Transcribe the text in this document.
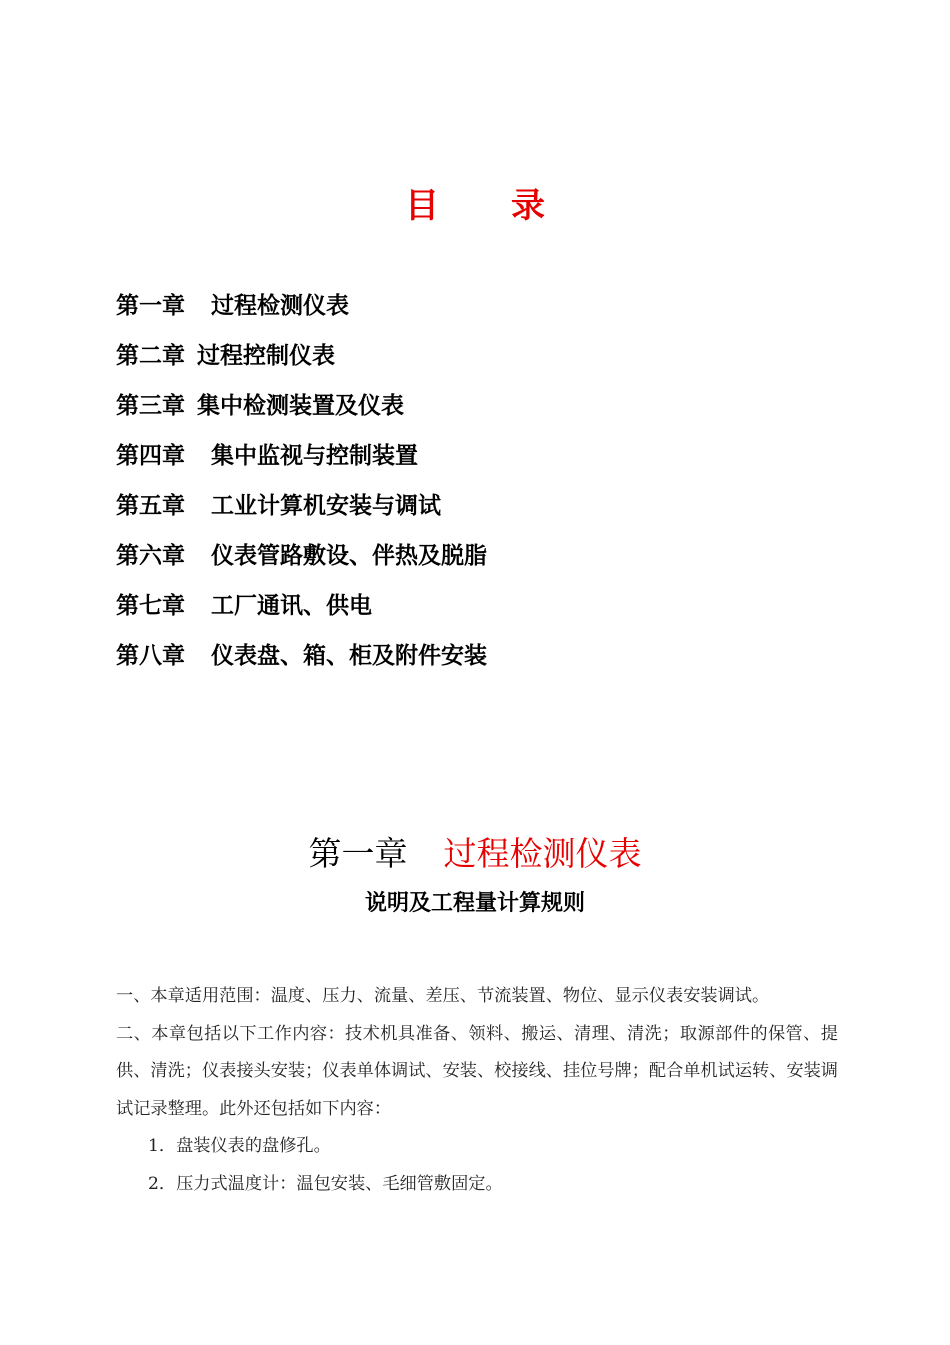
目录
第一章 过程检测仪表
第二章 过程控制仪表
第三章 集中检测装置及仪表
第四章 集中监视与控制装置
第五章 工业计算机安装与调试
第六章 仪表管路敷设、伴热及脱脂
第七章 工厂通讯、供电
第八章 仪表盘、箱、柜及附件安装
第一章 过程检测仪表
说明及工程量计算规则

一、本章适用范围：温度、压力、流量、差压、节流装置、物位、显示仪表安装调试。

二、本章包括以下工作内容：技术机具准备、领料、搬运、清理、清洗；取源部件的保管、提供、清洗；仪表接头安装；仪表单体调试、安装、校接线、挂位号牌；配合单机试运转、安装调试记录整理。此外还包括如下内容：

1．盘装仪表的盘修孔。

2．压力式温度计：温包安装、毛细管敷固定。
